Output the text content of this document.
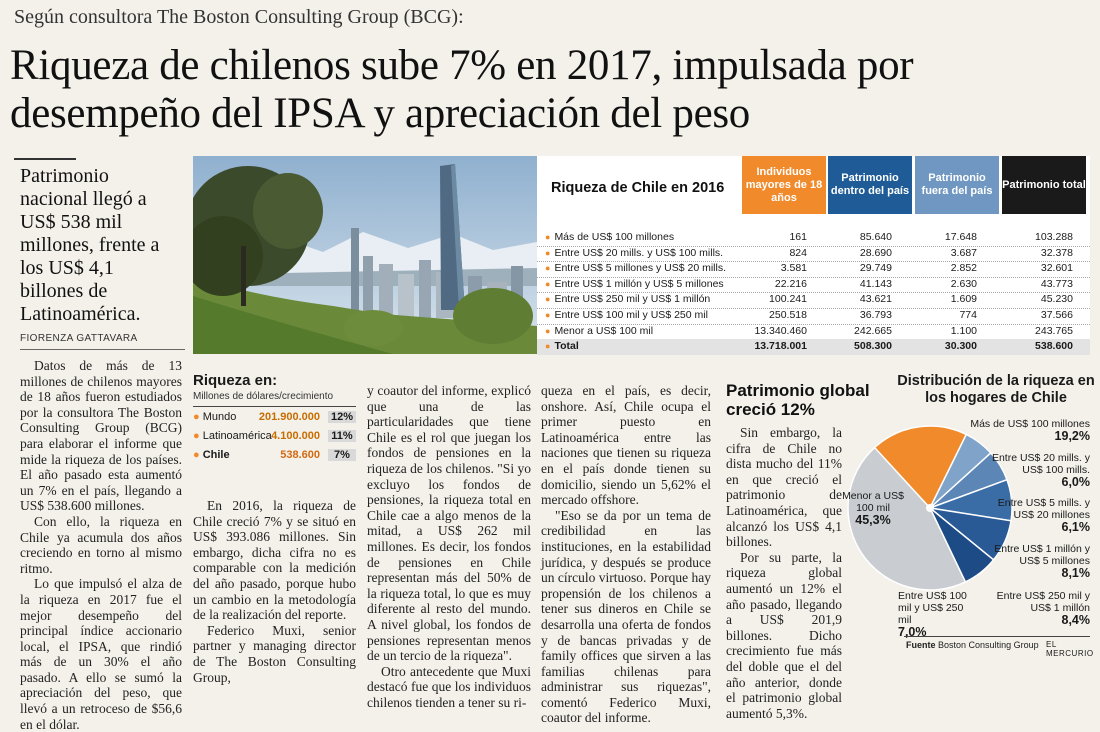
Según consultora The Boston Consulting Group (BCG):
Riqueza de chilenos sube 7% en 2017, impulsada por desempeño del IPSA y apreciación del peso
Patrimonio nacional llegó a US$ 538 mil millones, frente a los US$ 4,1 billones de Latinoamérica.
FIORENZA GATTAVARA

Datos de más de 13 millones de chilenos mayores de 18 años fueron estudiados por la consultora The Boston Consulting Group (BCG) para elaborar el informe que mide la riqueza de los países. El año pasado esta aumentó un 7% en el país, llegando a US$ 538.600 millones.

Con ello, la riqueza en Chile ya acumula dos años creciendo en torno al mismo ritmo.

Lo que impulsó el alza de la riqueza en 2017 fue el mejor desempeño del principal índice accionario local, el IPSA, que rindió más de un 30% el año pasado. A ello se sumó la apreciación del peso, que llevó a un retroceso de $56,6 en el dólar.

En 2016, la riqueza de Chile creció 7% y se situó en US$ 393.086 millones. Sin embargo, dicha cifra no es comparable con la medición del año pasado, porque hubo un cambio en la metodología de la realización del reporte.

Federico Muxi, senior partner y managing director de The Boston Consulting Group,

y coautor del informe, explicó que una de las particularidades que tiene Chile es el rol que juegan los fondos de pensiones en la riqueza de los chilenos. "Si yo excluyo los fondos de pensiones, la riqueza total en Chile cae a algo menos de la mitad, a US$ 262 mil millones. Es decir, los fondos de pensiones en Chile representan más del 50% de la riqueza total, lo que es muy diferente al resto del mundo. A nivel global, los fondos de pensiones representan menos de un tercio de la riqueza".

Otro antecedente que Muxi destacó fue que los individuos chilenos tienden a tener su ri-

queza en el país, es decir, onshore. Así, Chile ocupa el primer puesto en Latinoamérica entre las naciones que tienen su riqueza en el país donde tienen su domicilio, siendo un 5,62% el mercado offshore.

"Eso se da por un tema de credibilidad en las instituciones, en la estabilidad jurídica, y después se produce un círculo virtuoso. Porque hay propensión de los chilenos a tener sus dineros en Chile se desarrolla una oferta de fondos y de bancas privadas y de family offices que sirven a las familias chilenas para administrar sus riquezas", comentó Federico Muxi, coautor del informe.

Riqueza de Chile en 2016
Individuos mayores de 18 años
Patrimonio dentro del país
Patrimonio fuera del país
Patrimonio total
● Más de US$ 100 millones	161	85.640	17.648	103.288
● Entre US$ 20 mills. y US$ 100 mills.	824	28.690	3.687	32.378
● Entre US$ 5 millones y US$ 20 mills.	3.581	29.749	2.852	32.601
● Entre US$ 1 millón y US$ 5 millones	22.216	41.143	2.630	43.773
● Entre US$ 250 mil y US$ 1 millón	100.241	43.621	1.609	45.230
● Entre US$ 100 mil y US$ 250 mil	250.518	36.793	774	37.566
● Menor a US$ 100 mil	13.340.460	242.665	1.100	243.765
● Total	13.718.001	508.300	30.300	538.600
Riqueza en:
Millones de dólares/crecimiento
● Mundo 201.900.000 12%
● Latinoamérica 4.100.000 11%
● Chile	538.600	7%
Patrimonio global creció 12%

Sin embargo, la cifra de Chile no dista mucho del 11% en que creció el patrimonio de Latinoamérica, que alcanzó los US$ 4,1 billones.

Por su parte, la riqueza global aumentó un 12% el año pasado, llegando a US$ 201,9 billones. Dicho crecimiento fue más del doble que el del año anterior, donde el patrimonio global aumentó 5,3%.

Distribución de la riqueza en los hogares de Chile
Más de US$ 100 millones
19,2%
Entre US$ 20 mills. y US$ 100 mills.
6,0%
Entre US$ 5 mills. y US$ 20 millones
6,1%
Entre US$ 1 millón y US$ 5 millones
8,1%
Entre US$ 250 mil y US$ 1 millón
8,4%
Entre US$ 100 mil y US$ 250 mil
7,0%
Menor a US$ 100 mil
45,3%
Fuente Boston Consulting Group EL MERCURIO
